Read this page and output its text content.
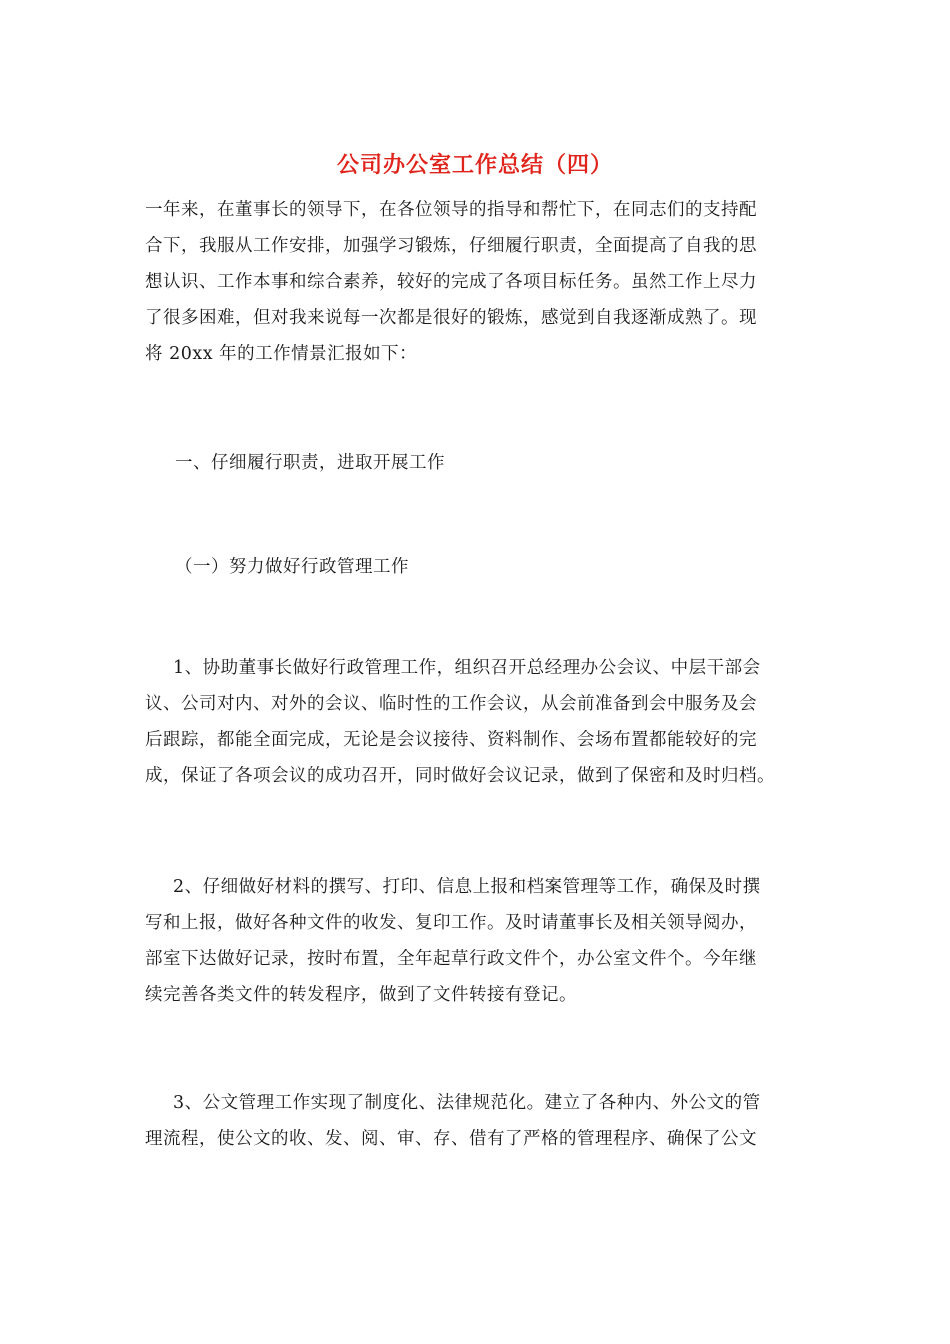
公司办公室工作总结（四）

一年来，在董事长的领导下，在各位领导的指导和帮忙下，在同志们的支持配

合下，我服从工作安排，加强学习锻炼，仔细履行职责，全面提高了自我的思

想认识、工作本事和综合素养，较好的完成了各项目标任务。虽然工作上尽力

了很多困难，但对我来说每一次都是很好的锻炼，感觉到自我逐渐成熟了。现

将 20xx 年的工作情景汇报如下：

一、仔细履行职责，进取开展工作

（一）努力做好行政管理工作

1、协助董事长做好行政管理工作，组织召开总经理办公会议、中层干部会

议、公司对内、对外的会议、临时性的工作会议，从会前准备到会中服务及会

后跟踪，都能全面完成，无论是会议接待、资料制作、会场布置都能较好的完

成，保证了各项会议的成功召开，同时做好会议记录，做到了保密和及时归档。

2、仔细做好材料的撰写、打印、信息上报和档案管理等工作，确保及时撰

写和上报，做好各种文件的收发、复印工作。及时请董事长及相关领导阅办，

部室下达做好记录，按时布置，全年起草行政文件个，办公室文件个。今年继

续完善各类文件的转发程序，做到了文件转接有登记。

3、公文管理工作实现了制度化、法律规范化。建立了各种内、外公文的管

理流程，使公文的收、发、阅、审、存、借有了严格的管理程序、确保了公文
